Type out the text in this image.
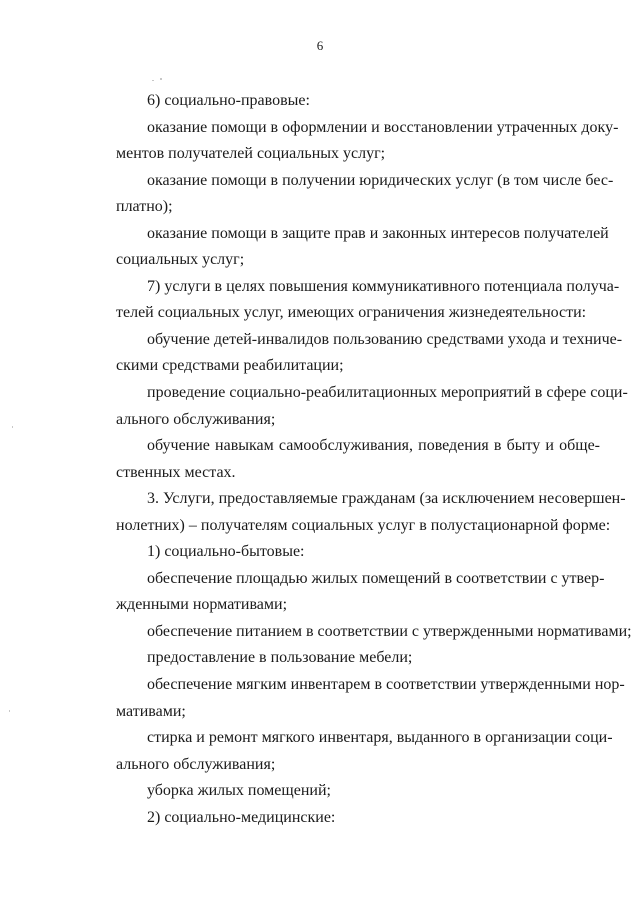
6
6) социально-правовые:
оказание помощи в оформлении и восстановлении утраченных доку-
ментов получателей социальных услуг;
оказание помощи в получении юридических услуг (в том числе бес-
платно);
оказание помощи в защите прав и законных интересов получателей
социальных услуг;
7) услуги в целях повышения коммуникативного потенциала получа-
телей социальных услуг, имеющих ограничения жизнедеятельности:
обучение детей-инвалидов пользованию средствами ухода и техниче-
скими средствами реабилитации;
проведение социально-реабилитационных мероприятий в сфере соци-
ального обслуживания;
обучение навыкам самообслуживания, поведения в быту и обще-
ственных местах.
3. Услуги, предоставляемые гражданам (за исключением несовершен-
нолетних) – получателям социальных услуг в полустационарной форме:
1) социально-бытовые:
обеспечение площадью жилых помещений в соответствии с утвер-
жденными нормативами;
обеспечение питанием в соответствии с утвержденными нормативами;
предоставление в пользование мебели;
обеспечение мягким инвентарем в соответствии утвержденными нор-
мативами;
стирка и ремонт мягкого инвентаря, выданного в организации соци-
ального обслуживания;
уборка жилых помещений;
2) социально-медицинские:
